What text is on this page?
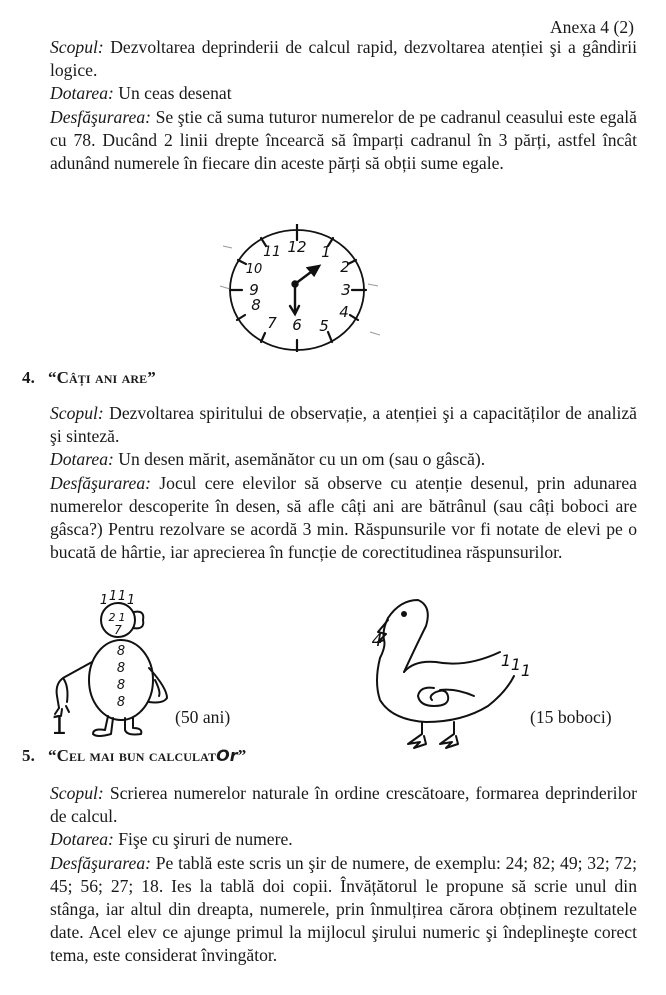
Anexa 4 (2)

Scopul: Dezvoltarea deprinderii de calcul rapid, dezvoltarea atenției şi a gândirii logice.

Dotarea: Un ceas desenat

Desfăşurarea: Se ştie că suma tuturor numerelor de pe cadranul ceasului este egală cu 78. Ducând 2 linii drepte încearcă să împarți cadranul în 3 părți, astfel încât adunând numerele în fiecare din aceste părți să obții sume egale.

12 1
2
3
4
5
6
7
8
9
10
11
4. “Câți ani are”

Scopul: Dezvoltarea spiritului de observație, a atenției şi a capacităților de analiză şi sinteză.

Dotarea: Un desen mărit, asemănător cu un om (sau o gâscă).

Desfăşurarea: Jocul cere elevilor să observe cu atenție desenul, prin adunarea numerelor descoperite în desen, să afle câți ani are bătrânul (sau câți boboci are gâsca?) Pentru rezolvare se acordă 3 min. Răspunsurile vor fi notate de elevi pe o bucată de hârtie, iar aprecierea în funcție de corectitudinea răspunsurilor.

1 1 1 1
2 1
7
8
8
8
8
1	(50 ani)
4
1 1 1
(15 boboci)
5. “Cel mai bun calculatOr”

Scopul: Scrierea numerelor naturale în ordine crescătoare, formarea deprinderilor de calcul.

Dotarea: Fişe cu şiruri de numere.

Desfăşurarea: Pe tablă este scris un şir de numere, de exemplu: 24; 82; 49; 32; 72; 45; 56; 27; 18. Ies la tablă doi copii. Învățătorul le propune să scrie unul din stânga, iar altul din dreapta, numerele, prin înmulțirea cărora obținem rezultatele date. Acel elev ce ajunge primul la mijlocul şirului numeric şi îndeplineşte corect tema, este considerat învingător.
